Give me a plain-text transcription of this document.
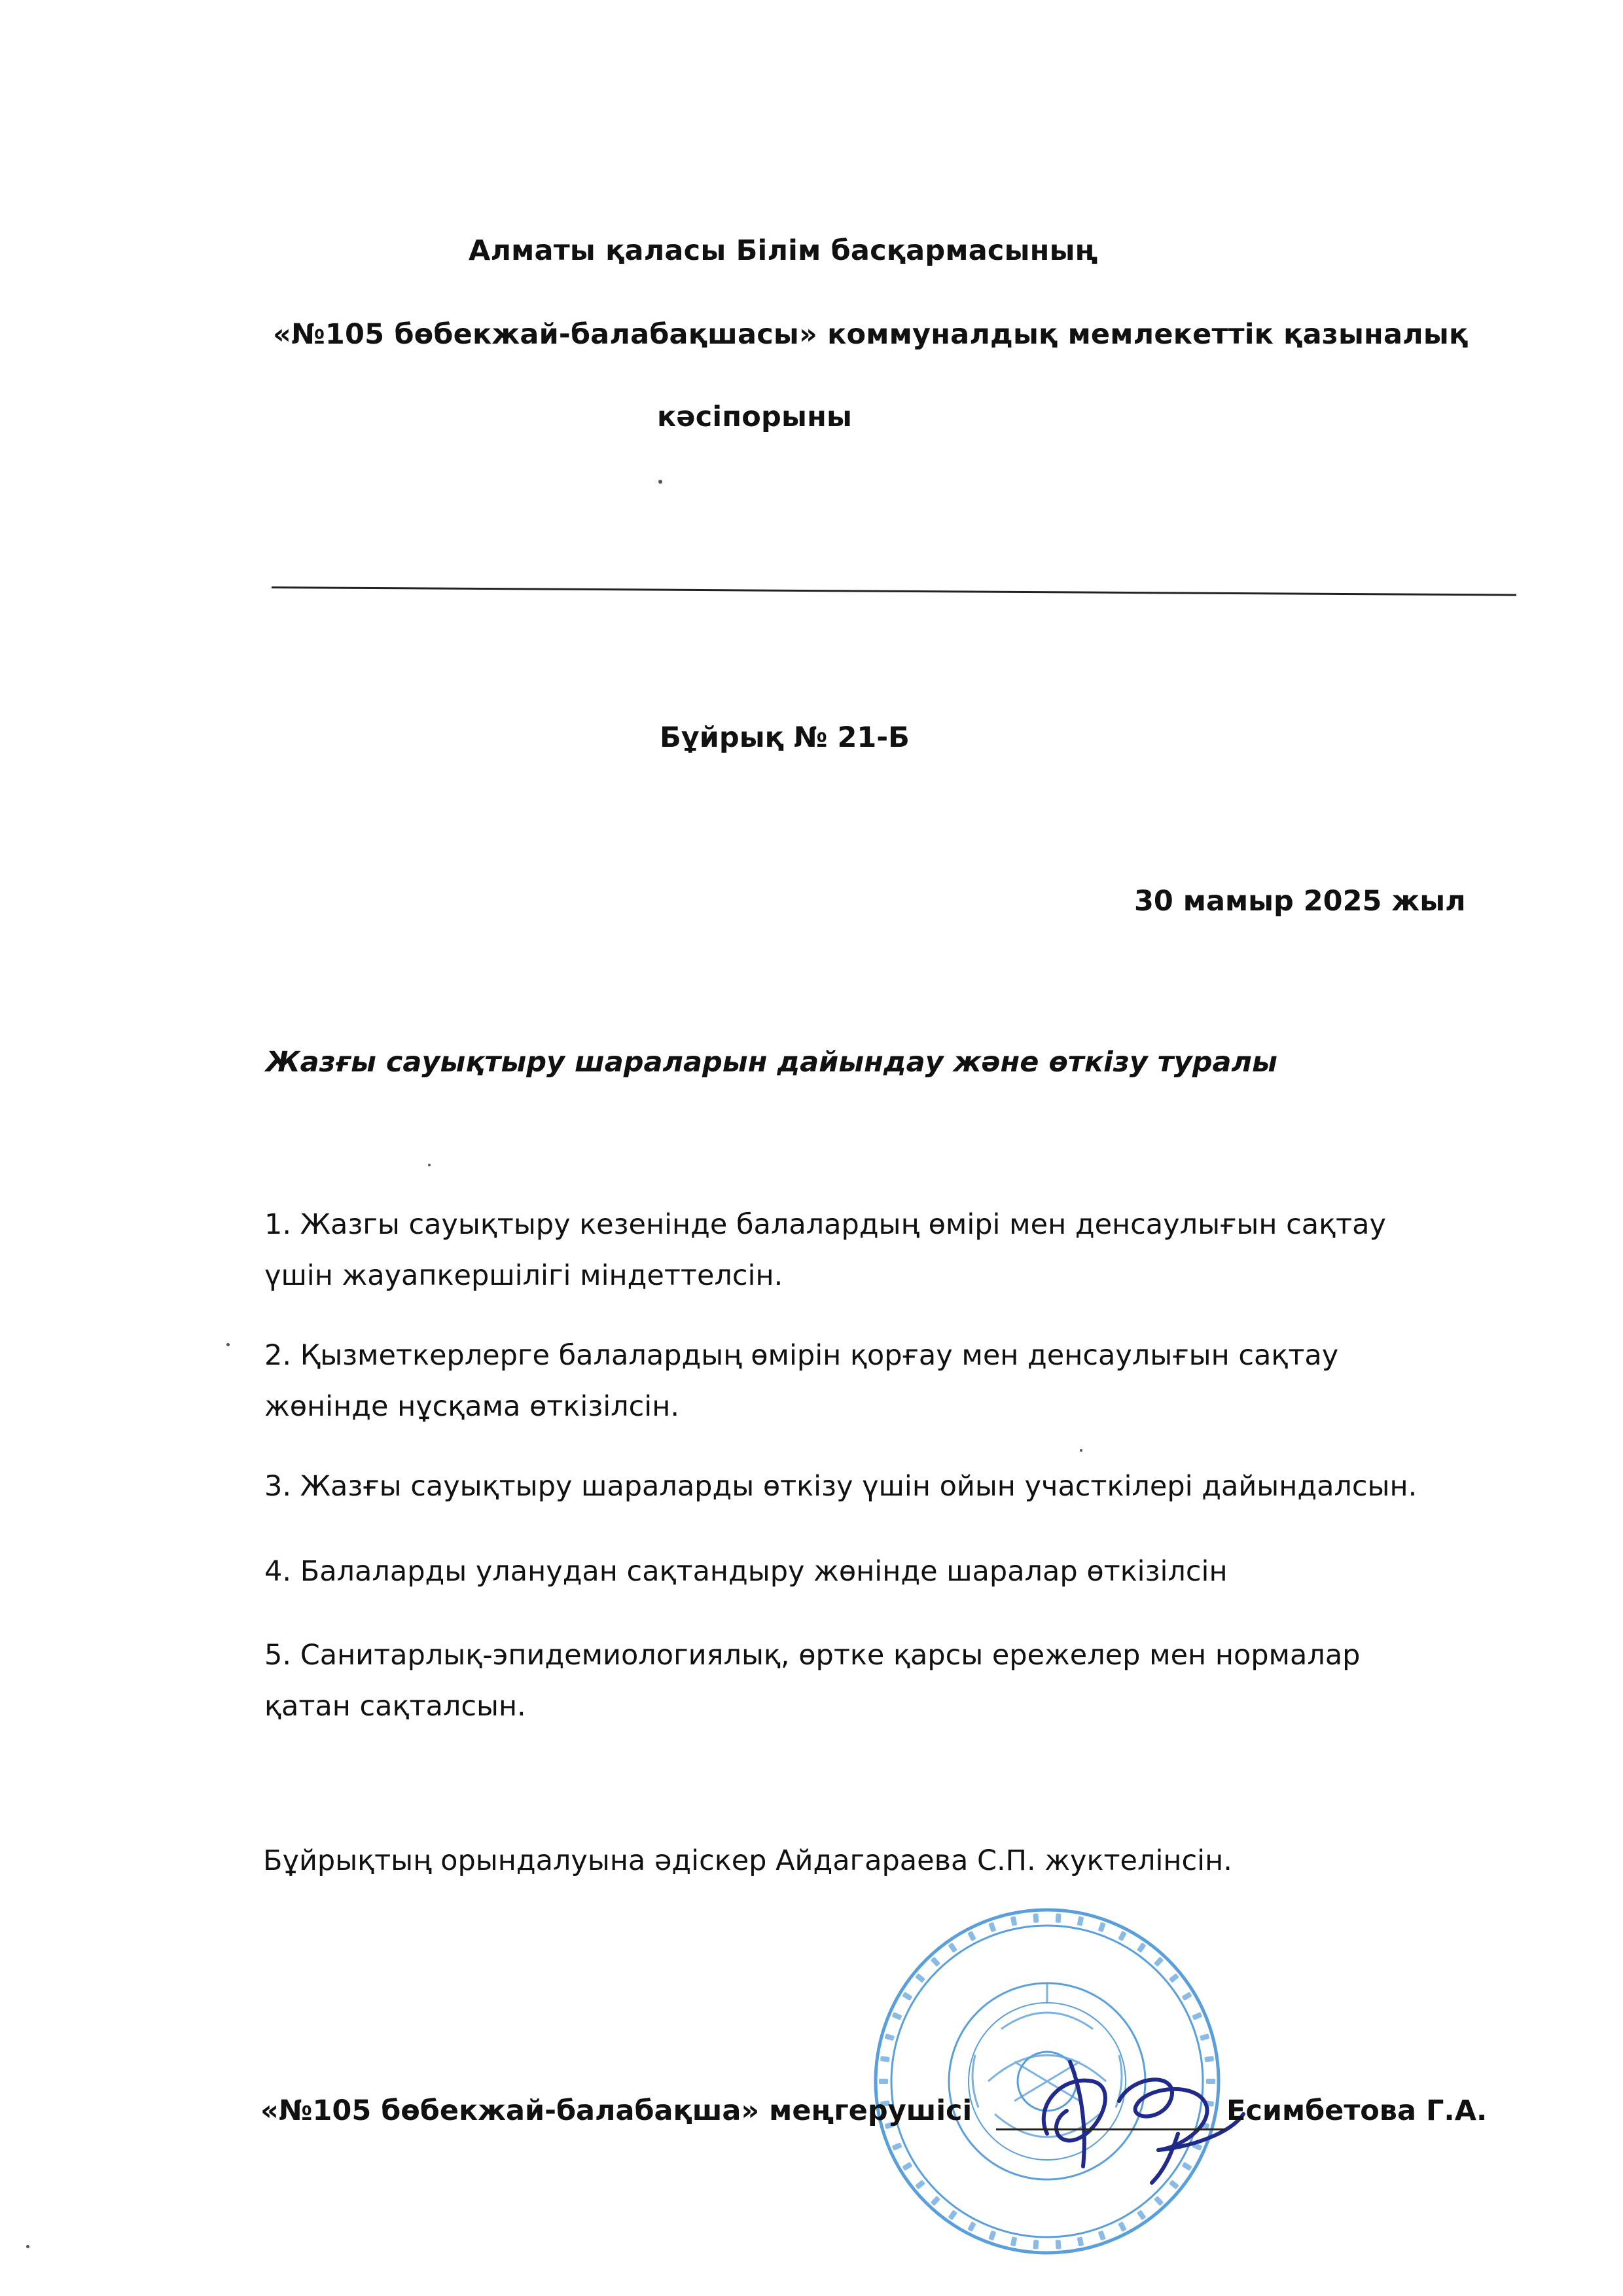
Алматы қаласы Білім басқармасының
«№105 бөбекжай-балабақшасы» коммуналдық мемлекеттік қазыналық
кәсіпорыны
Бұйрық № 21-Б
30 мамыр 2025 жыл
Жазғы сауықтыру шараларын дайындау және өткізу туралы
1. Жазгы сауықтыру кезенінде балалардың өмірі мен денсаулығын сақтау
үшін жауапкершілігі міндеттелсін.
2. Қызметкерлерге балалардың өмірін қорғау мен денсаулығын сақтау
жөнінде нұсқама өткізілсін.
3. Жазғы сауықтыру шараларды өткізу үшін ойын участкілері дайындалсын.
4. Балаларды уланудан сақтандыру жөнінде шаралар өткізілсін
5. Санитарлық-эпидемиологиялық, өртке қарсы ережелер мен нормалар
қатан сақталсын.
Бұйрықтың орындалуына әдіскер Айдагараева С.П. жуктелінсін.
«№105 бөбекжай-балабақша» меңгерушісі	Есимбетова Г.А.
